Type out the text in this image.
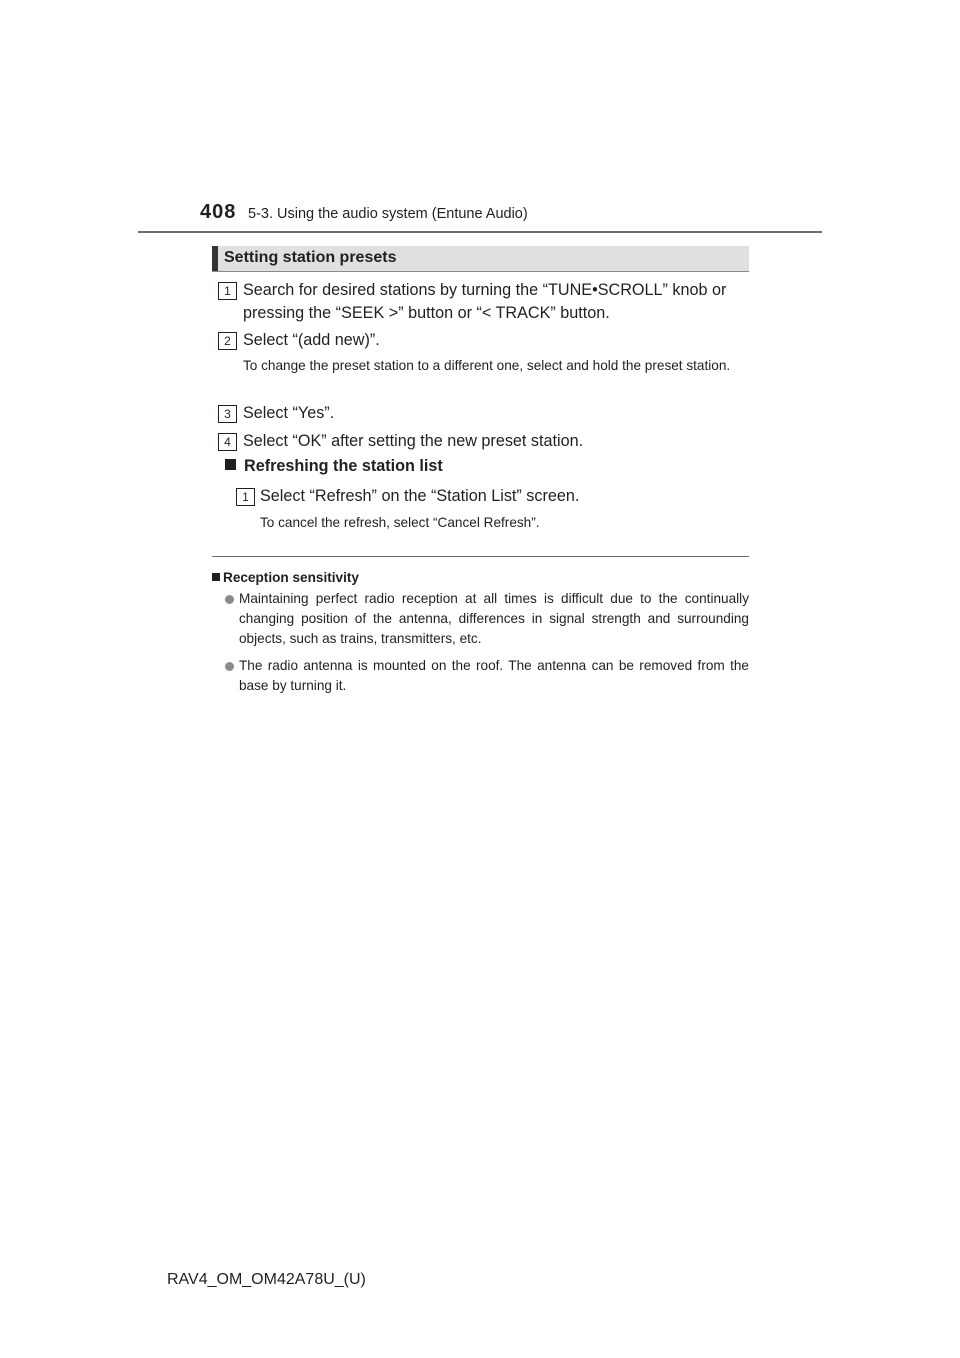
408 5-3. Using the audio system (Entune Audio)
Setting station presets
1 Search for desired stations by turning the “TUNE•SCROLL” knob or
pressing the “SEEK >” button or “< TRACK” button.
2 Select “(add new)”.
To change the preset station to a different one, select and hold the preset station.
3 Select “Yes”.
4 Select “OK” after setting the new preset station.
Refreshing the station list
1 Select “Refresh” on the “Station List” screen.
To cancel the refresh, select “Cancel Refresh”.
Reception sensitivity
Maintaining perfect radio reception at all times is difficult due to the continually changing position of the antenna, differences in signal strength and surrounding objects, such as trains, transmitters, etc.
The radio antenna is mounted on the roof. The antenna can be removed from the base by turning it.
RAV4_OM_OM42A78U_(U)
